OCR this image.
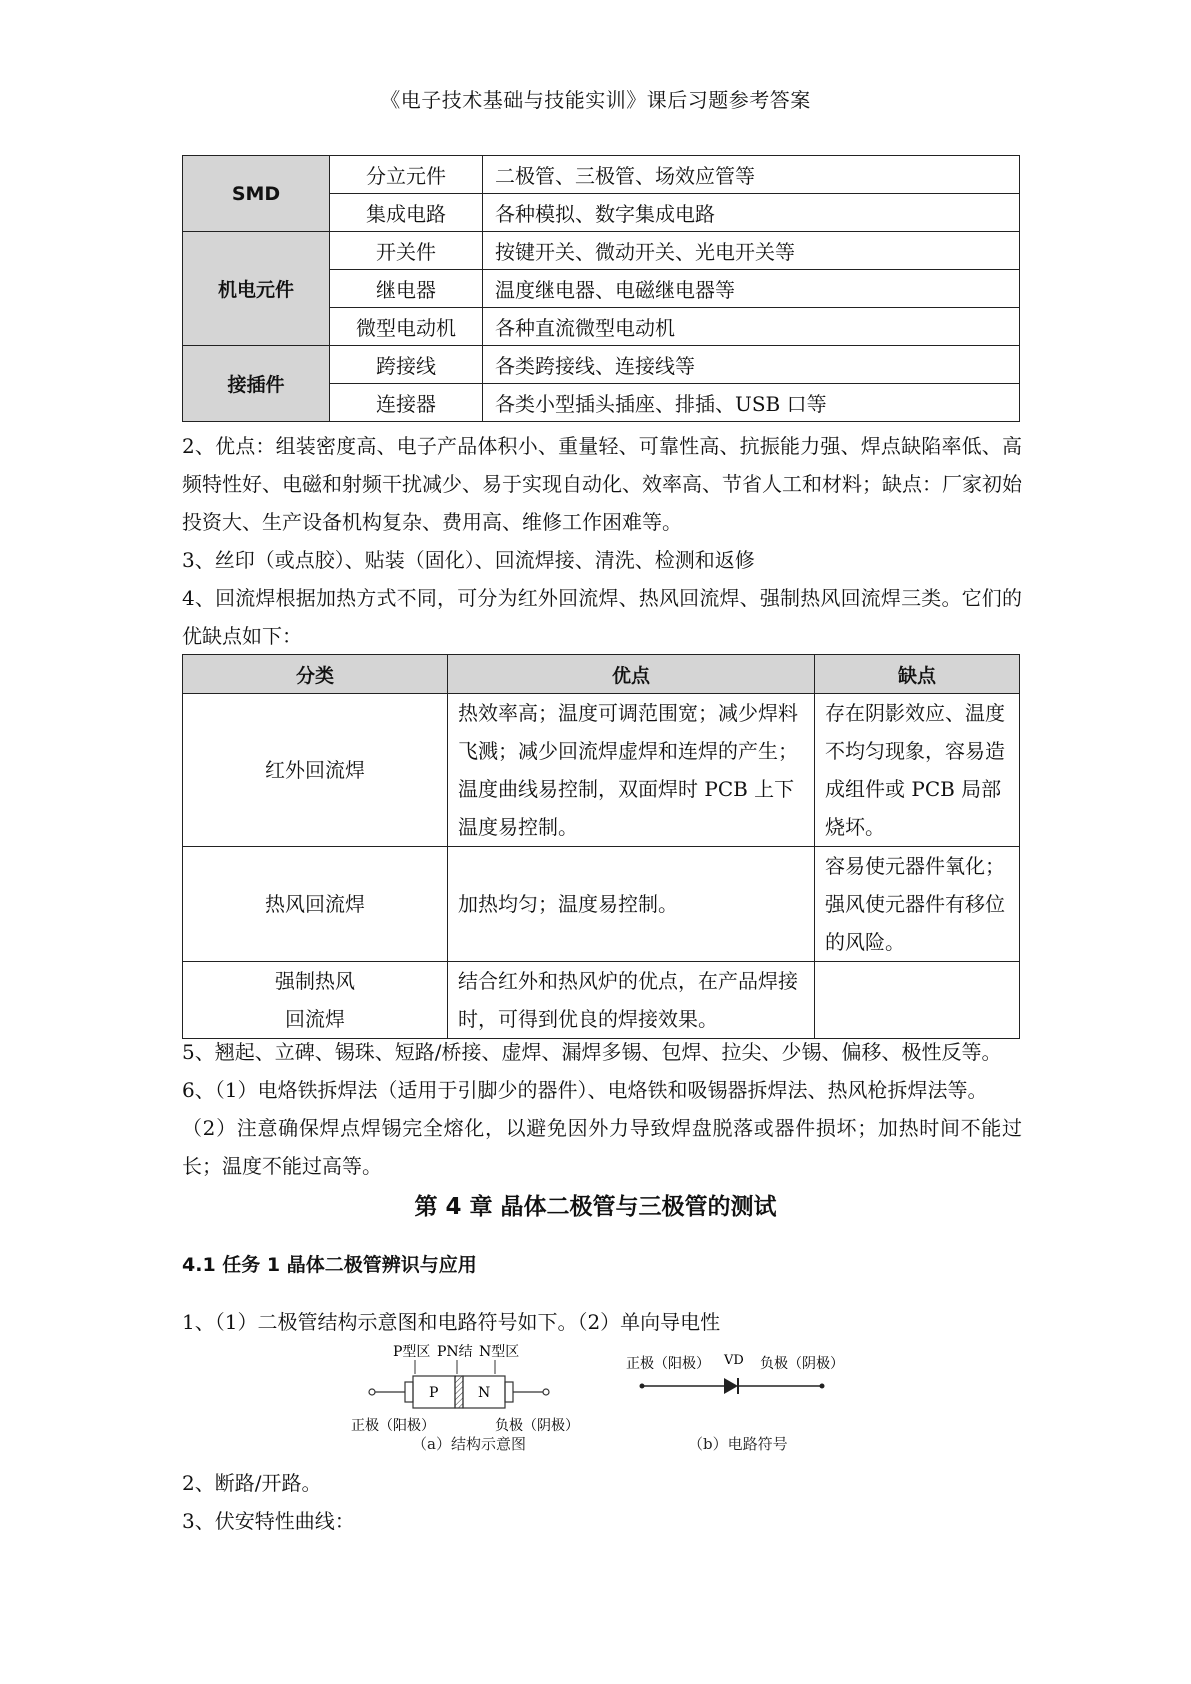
《电子技术基础与技能实训》课后习题参考答案
SMD	分立元件	二极管、三极管、场效应管等
	集成电路	各种模拟、数字集成电路
机电元件	开关件	按键开关、微动开关、光电开关等
	继电器	温度继电器、电磁继电器等
	微型电动机	各种直流微型电动机
接插件	跨接线	各类跨接线、连接线等
	连接器	各类小型插头插座、排插、USB 口等

2、优点：组装密度高、电子产品体积小、重量轻、可靠性高、抗振能力强、焊点缺陷率低、高频特性好、电磁和射频干扰减少、易于实现自动化、效率高、节省人工和材料；缺点：厂家初始投资大、生产设备机构复杂、费用高、维修工作困难等。

3、丝印（或点胶）、贴装（固化）、回流焊接、清洗、检测和返修

4、回流焊根据加热方式不同，可分为红外回流焊、热风回流焊、强制热风回流焊三类。它们的优缺点如下：

分类	优点	缺点
红外回流焊	热效率高；温度可调范围宽；减少焊料飞溅；减少回流焊虚焊和连焊的产生；温度曲线易控制，双面焊时 PCB 上下温度易控制。	存在阴影效应、温度不均匀现象，容易造成组件或 PCB 局部烧坏。
热风回流焊	加热均匀；温度易控制。	容易使元器件氧化；强风使元器件有移位的风险。

强制热风
回流焊	结合红外和热风炉的优点，在产品焊接时，可得到优良的焊接效果。	

5、翘起、立碑、锡珠、短路/桥接、虚焊、漏焊多锡、包焊、拉尖、少锡、偏移、极性反等。

6、（1）电烙铁拆焊法（适用于引脚少的器件）、电烙铁和吸锡器拆焊法、热风枪拆焊法等。

（2）注意确保焊点焊锡完全熔化，以避免因外力导致焊盘脱落或器件损坏；加热时间不能过长；温度不能过高等。

第 4 章 晶体二极管与三极管的测试
4.1 任务 1 晶体二极管辨识与应用

1、（1）二极管结构示意图和电路符号如下。（2）单向导电性

P型区 PN结 N型区
P	N
正极（阳极）	负极（阴极）
（a）结构示意图
正极（阳极） VD 负极（阴极）
（b）电路符号

2、断路/开路。

3、伏安特性曲线：
